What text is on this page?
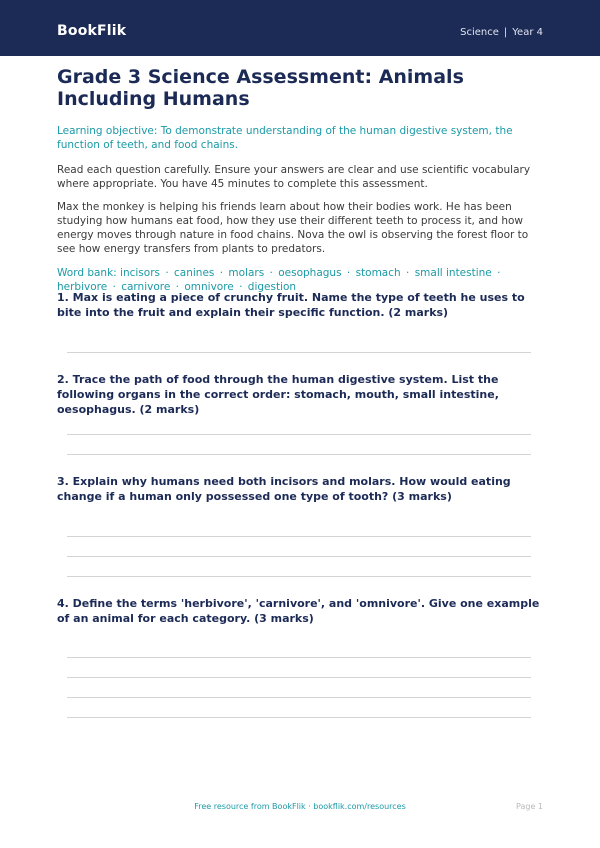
BookFlik	Science | Year 4
Grade 3 Science Assessment: Animals Including Humans

Learning objective: To demonstrate understanding of the human digestive system, the function of teeth, and food chains.

Read each question carefully. Ensure your answers are clear and use scientific vocabulary where appropriate. You have 45 minutes to complete this assessment.

Max the monkey is helping his friends learn about how their bodies work. He has been studying how humans eat food, how they use their different teeth to process it, and how energy moves through nature in food chains. Nova the owl is observing the forest floor to see how energy transfers from plants to predators.

Word bank: incisors · canines · molars · oesophagus · stomach · small intestine · herbivore · carnivore · omnivore · digestion

1. Max is eating a piece of crunchy fruit. Name the type of teeth he uses to bite into the fruit and explain their specific function. (2 marks)
2. Trace the path of food through the human digestive system. List the following organs in the correct order: stomach, mouth, small intestine, oesophagus. (2 marks)
3. Explain why humans need both incisors and molars. How would eating change if a human only possessed one type of tooth? (3 marks)
4. Define the terms 'herbivore', 'carnivore', and 'omnivore'. Give one example of an animal for each category. (3 marks)
Free resource from BookFlik · bookflik.com/resources	Page 1
